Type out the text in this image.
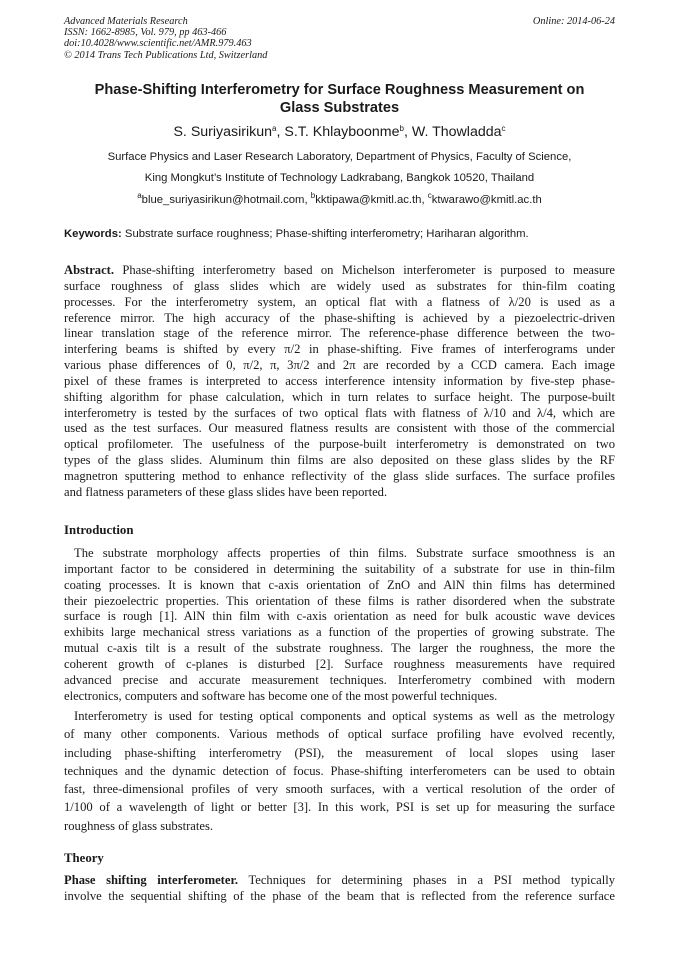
Advanced Materials Research
ISSN: 1662-8985, Vol. 979, pp 463-466
doi:10.4028/www.scientific.net/AMR.979.463
© 2014 Trans Tech Publications Ltd, Switzerland
Online: 2014-06-24
Phase-Shifting Interferometry for Surface Roughness Measurement on
Glass Substrates
S. Suriyasirikun$^a$, S.T. Khlayboonme$^b$, W. Thowladda$^c$
Surface Physics and Laser Research Laboratory, Department of Physics, Faculty of Science,
King Mongkut’s Institute of Technology Ladkrabang, Bangkok 10520, Thailand
$^a$blue_suriyasirikun@hotmail.com, $^b$kktipawa@kmitl.ac.th, $^c$ktwarawo@kmitl.ac.th
Keywords: Substrate surface roughness; Phase-shifting interferometry; Hariharan algorithm.
Abstract. Phase-shifting interferometry based on Michelson interferometer is purposed to measure
surface roughness of glass slides which are widely used as substrates for thin-film coating
processes. For the interferometry system, an optical flat with a flatness of λ/20 is used as a
reference mirror. The high accuracy of the phase-shifting is achieved by a piezoelectric-driven
linear translation stage of the reference mirror. The reference-phase difference between the two-
interfering beams is shifted by every π/2 in phase-shifting. Five frames of interferograms under
various phase differences of 0, π/2, π, 3π/2 and 2π are recorded by a CCD camera. Each image
pixel of these frames is interpreted to access interference intensity information by five-step phase-
shifting algorithm for phase calculation, which in turn relates to surface height. The purpose-built
interferometry is tested by the surfaces of two optical flats with flatness of λ/10 and λ/4, which are
used as the test surfaces. Our measured flatness results are consistent with those of the commercial
optical profilometer. The usefulness of the purpose-built interferometry is demonstrated on two
types of the glass slides. Aluminum thin films are also deposited on these glass slides by the RF
magnetron sputtering method to enhance reflectivity of the glass slide surfaces. The surface profiles
and flatness parameters of these glass slides have been reported.
Introduction
The substrate morphology affects properties of thin films. Substrate surface smoothness is an
important factor to be considered in determining the suitability of a substrate for use in thin-film
coating processes. It is known that c-axis orientation of ZnO and AlN thin films has determined
their piezoelectric properties. This orientation of these films is rather disordered when the substrate
surface is rough [1]. AlN thin film with c-axis orientation as need for bulk acoustic wave devices
exhibits large mechanical stress variations as a function of the properties of growing substrate. The
mutual c-axis tilt is a result of the substrate roughness. The larger the roughness, the more the
coherent growth of c-planes is disturbed [2]. Surface roughness measurements have required
advanced precise and accurate measurement techniques. Interferometry combined with modern
electronics, computers and software has become one of the most powerful techniques.
Interferometry is used for testing optical components and optical systems as well as the metrology
of many other components. Various methods of optical surface profiling have evolved recently,
including phase-shifting interferometry (PSI), the measurement of local slopes using laser
techniques and the dynamic detection of focus. Phase-shifting interferometers can be used to obtain
fast, three-dimensional profiles of very smooth surfaces, with a vertical resolution of the order of
1/100 of a wavelength of light or better [3]. In this work, PSI is set up for measuring the surface
roughness of glass substrates.
Theory
Phase shifting interferometer. Techniques for determining phases in a PSI method typically
involve the sequential shifting of the phase of the beam that is reflected from the reference surface
